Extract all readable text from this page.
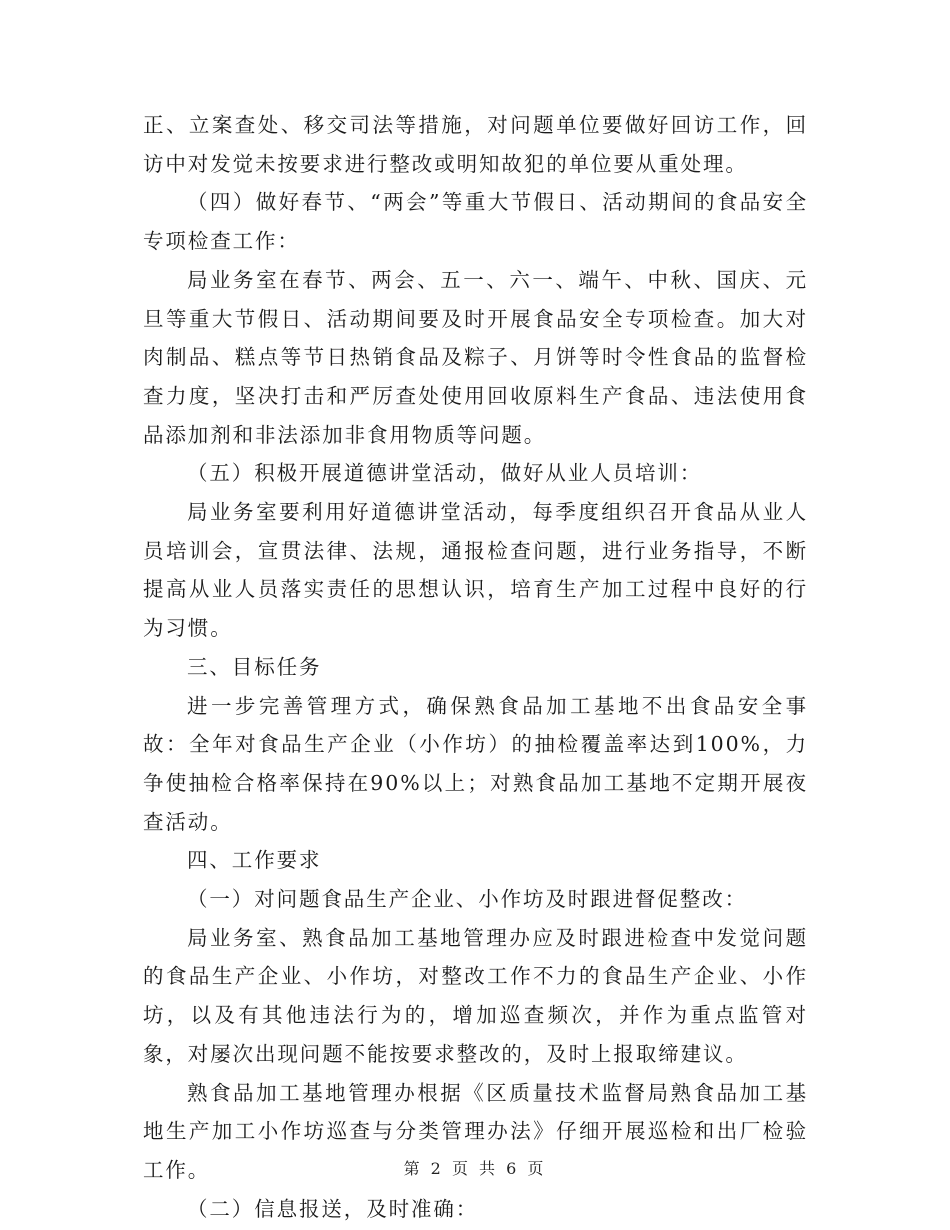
正、立案查处、移交司法等措施，对问题单位要做好回访工作，回访中对发觉未按要求进行整改或明知故犯的单位要从重处理。

（四）做好春节、“两会”等重大节假日、活动期间的食品安全专项检查工作：

局业务室在春节、两会、五一、六一、端午、中秋、国庆、元旦等重大节假日、活动期间要及时开展食品安全专项检查。加大对肉制品、糕点等节日热销食品及粽子、月饼等时令性食品的监督检查力度，坚决打击和严厉查处使用回收原料生产食品、违法使用食品添加剂和非法添加非食用物质等问题。

（五）积极开展道德讲堂活动，做好从业人员培训：

局业务室要利用好道德讲堂活动，每季度组织召开食品从业人员培训会，宣贯法律、法规，通报检查问题，进行业务指导，不断提高从业人员落实责任的思想认识，培育生产加工过程中良好的行为习惯。

三、目标任务

进一步完善管理方式，确保熟食品加工基地不出食品安全事故：全年对食品生产企业（小作坊）的抽检覆盖率达到100%，力争使抽检合格率保持在90%以上；对熟食品加工基地不定期开展夜查活动。

四、工作要求

（一）对问题食品生产企业、小作坊及时跟进督促整改：

局业务室、熟食品加工基地管理办应及时跟进检查中发觉问题的食品生产企业、小作坊，对整改工作不力的食品生产企业、小作坊，以及有其他违法行为的，增加巡查频次，并作为重点监管对象，对屡次出现问题不能按要求整改的，及时上报取缔建议。

熟食品加工基地管理办根据《区质量技术监督局熟食品加工基地生产加工小作坊巡查与分类管理办法》仔细开展巡检和出厂检验工作。

（二）信息报送，及时准确：

第 2 页 共 6 页
